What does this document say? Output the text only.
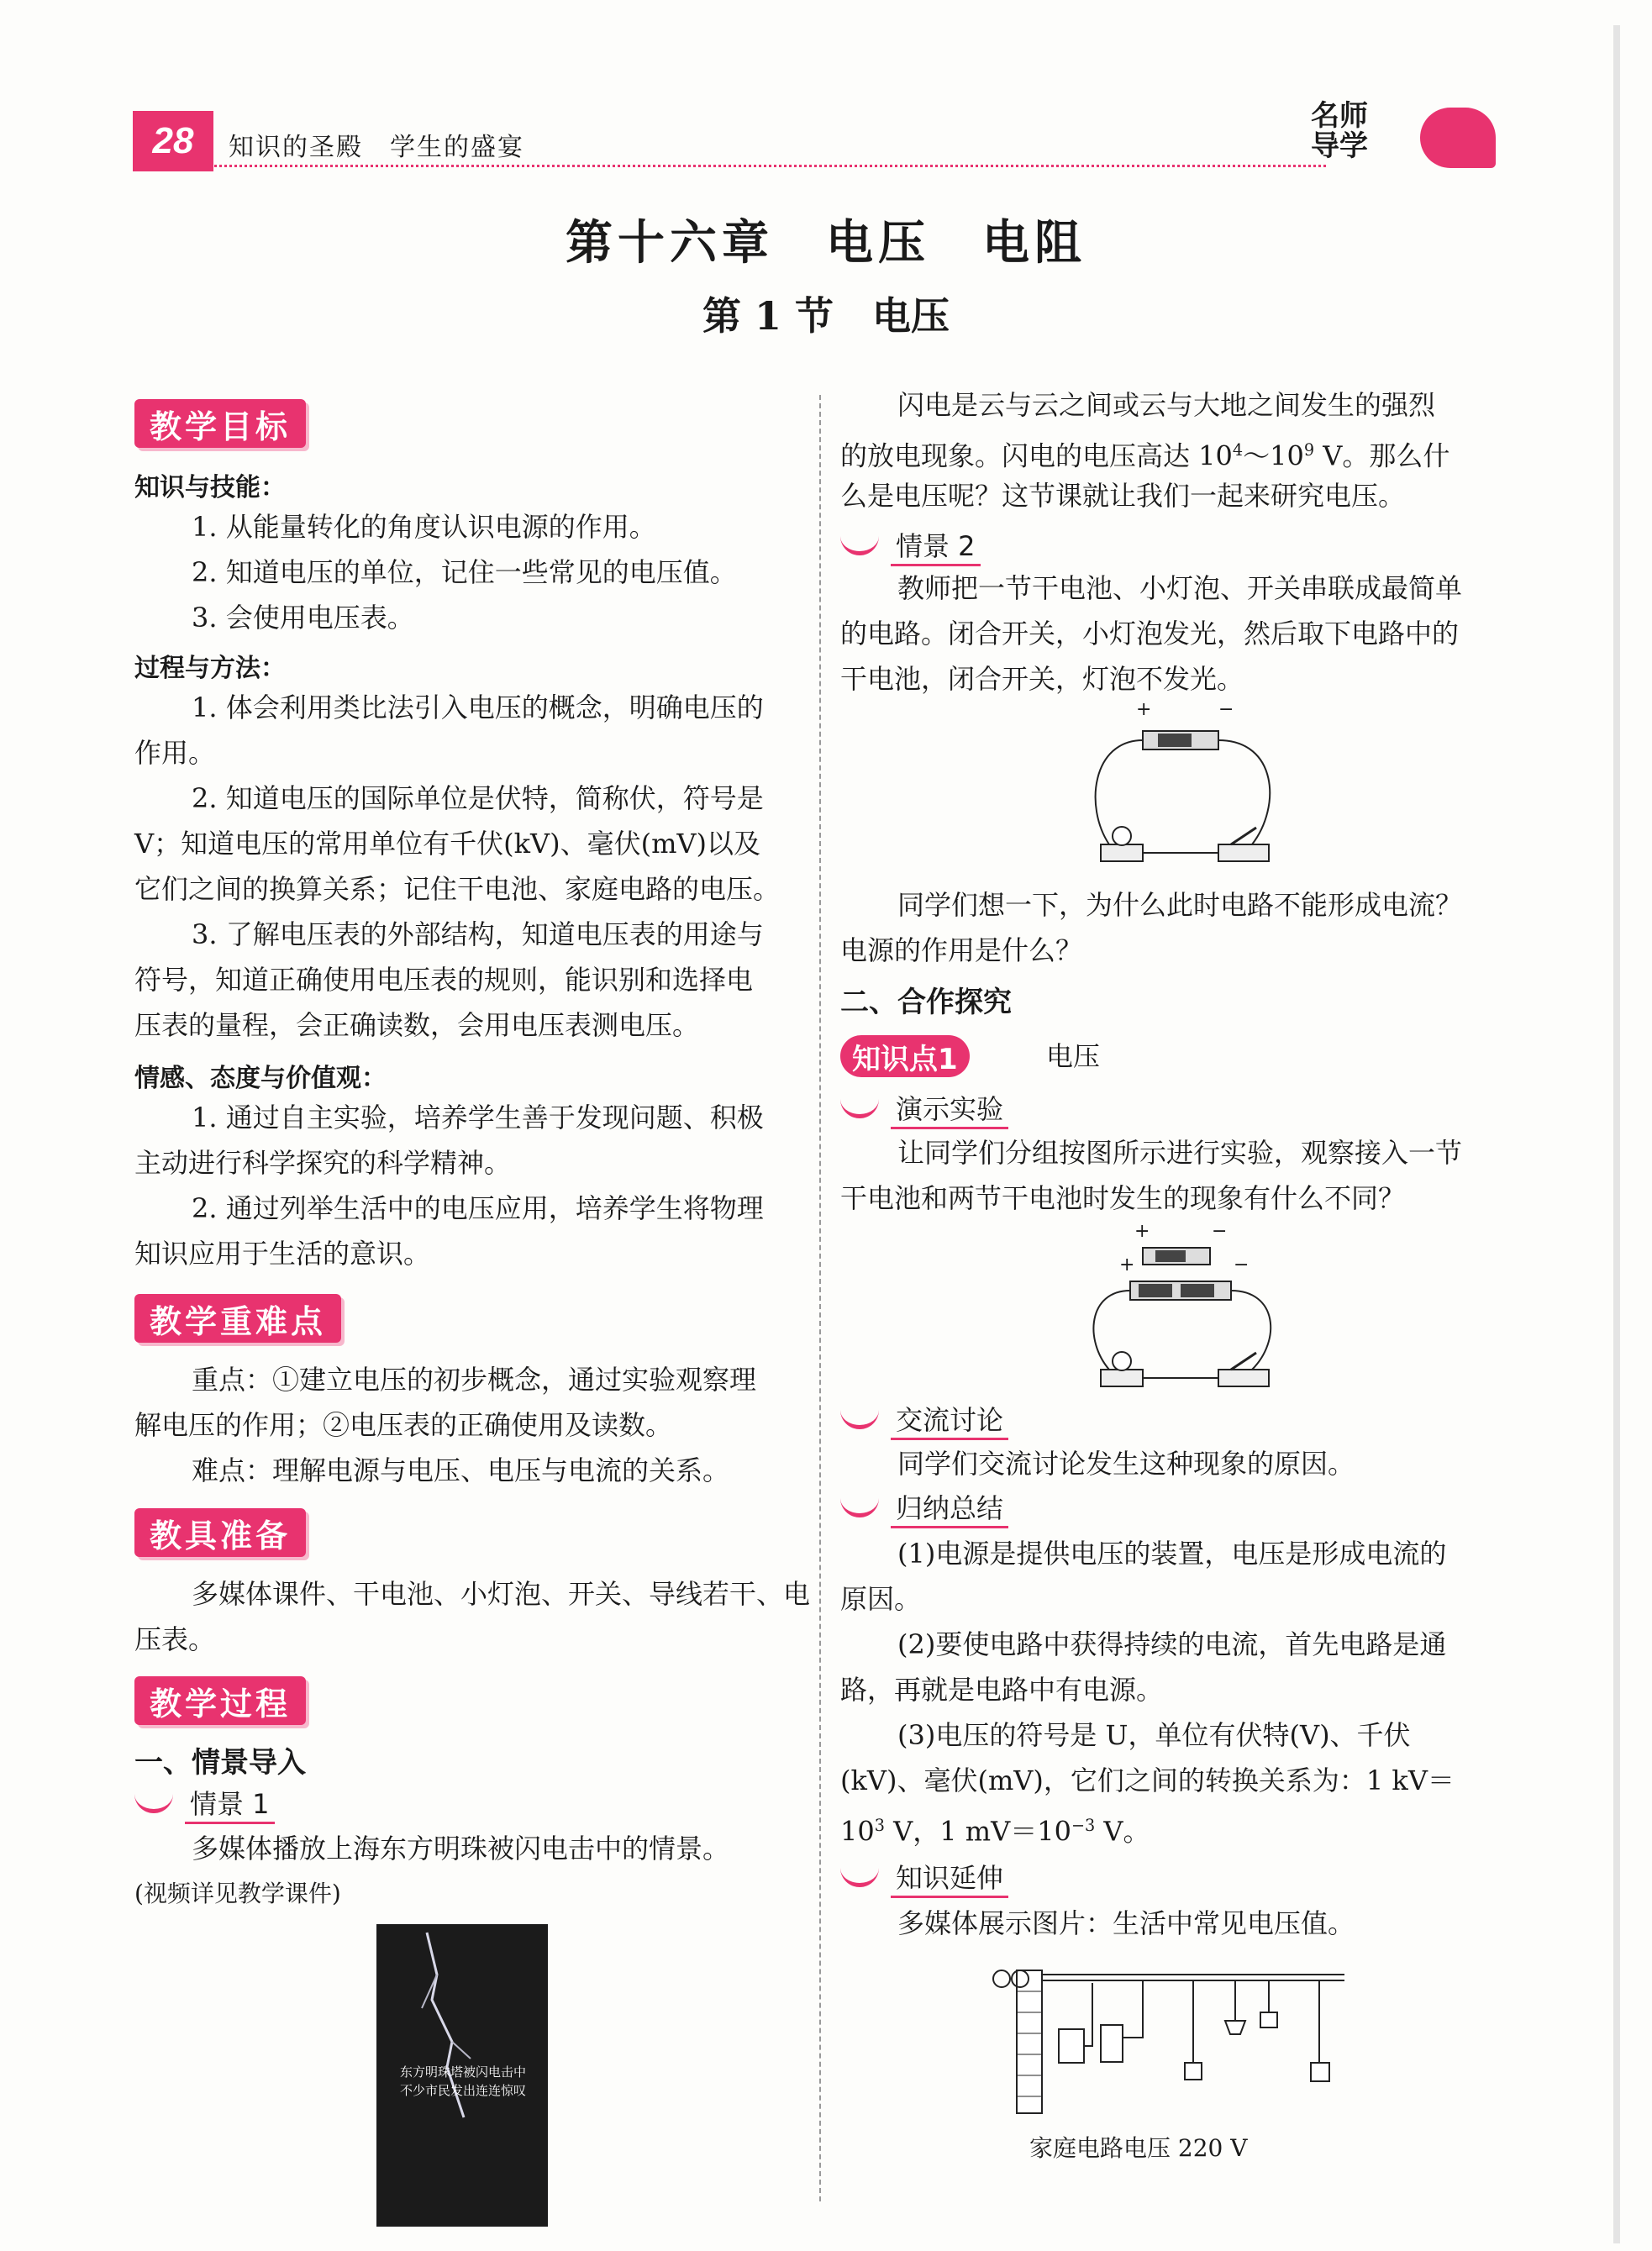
28	知识的圣殿　学生的盛宴
名师
导学
第十六章　电压　电阻
第 1 节　电压
教学目标
知识与技能：
1. 从能量转化的角度认识电源的作用。
2. 知道电压的单位，记住一些常见的电压值。
3. 会使用电压表。
过程与方法：
1. 体会利用类比法引入电压的概念，明确电压的
作用。
2. 知道电压的国际单位是伏特，简称伏，符号是
V；知道电压的常用单位有千伏(kV)、毫伏(mV)以及
它们之间的换算关系；记住干电池、家庭电路的电压。
3. 了解电压表的外部结构，知道电压表的用途与
符号，知道正确使用电压表的规则，能识别和选择电
压表的量程，会正确读数，会用电压表测电压。
情感、态度与价值观：
1. 通过自主实验，培养学生善于发现问题、积极
主动进行科学探究的科学精神。
2. 通过列举生活中的电压应用，培养学生将物理
知识应用于生活的意识。
教学重难点
重点：①建立电压的初步概念，通过实验观察理
解电压的作用；②电压表的正确使用及读数。
难点：理解电源与电压、电压与电流的关系。
教具准备
多媒体课件、干电池、小灯泡、开关、导线若干、电
压表。
教学过程
一、情景导入
情景 1
多媒体播放上海东方明珠被闪电击中的情景。
(视频详见教学课件)
东方明珠塔被闪电击中
不少市民发出连连惊叹
闪电是云与云之间或云与大地之间发生的强烈
的放电现象。闪电的电压高达 $10^4\sim 10^9$ V。那么什
么是电压呢？这节课就让我们一起来研究电压。
情景 2
教师把一节干电池、小灯泡、开关串联成最简单
的电路。闭合开关，小灯泡发光，然后取下电路中的
干电池，闭合开关，灯泡不发光。
+	−
同学们想一下，为什么此时电路不能形成电流？
电源的作用是什么？
二、合作探究
知识点1	电压
演示实验
让同学们分组按图所示进行实验，观察接入一节
干电池和两节干电池时发生的现象有什么不同？
+	−
+	−
交流讨论
同学们交流讨论发生这种现象的原因。
归纳总结
(1)电源是提供电压的装置，电压是形成电流的
原因。
(2)要使电路中获得持续的电流，首先电路是通
路，再就是电路中有电源。
(3)电压的符号是 U，单位有伏特(V)、千伏
(kV)、毫伏(mV)，它们之间的转换关系为：1 kV＝
$10^3$ V，1 $mV=10^{-3}$ V。
知识延伸
多媒体展示图片：生活中常见电压值。
家庭电路电压 220 V
